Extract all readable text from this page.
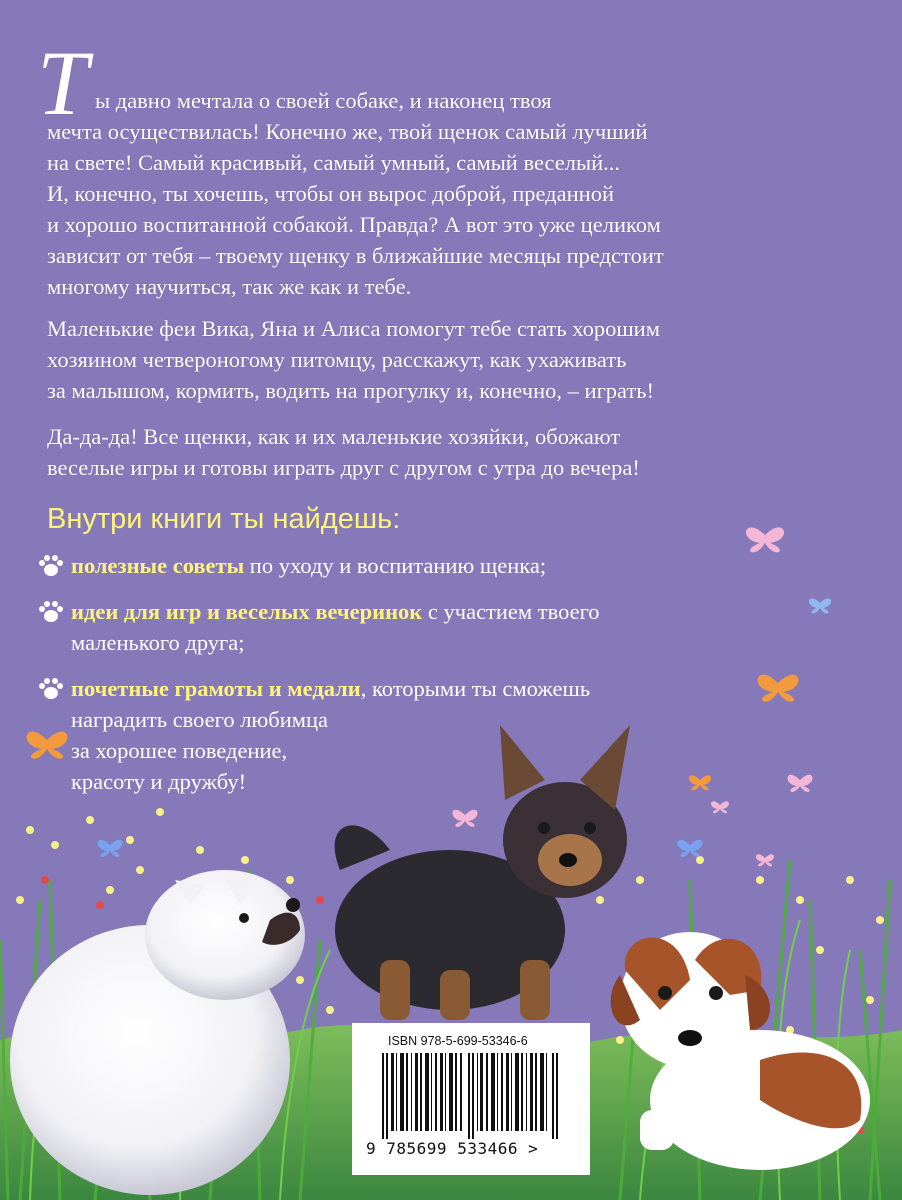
Т ы давно мечтала о своей собаке, и наконец твоя

мечта осуществилась! Конечно же, твой щенок самый лучший

на свете! Самый красивый, самый умный, самый веселый...

И, конечно, ты хочешь, чтобы он вырос доброй, преданной

и хорошо воспитанной собакой. Правда? А вот это уже целиком

зависит от тебя – твоему щенку в ближайшие месяцы предстоит

многому научиться, так же как и тебе.

Маленькие феи Вика, Яна и Алиса помогут тебе стать хорошим

хозяином четвероногому питомцу, расскажут, как ухаживать

за малышом, кормить, водить на прогулку и, конечно, – играть!

Да-да-да! Все щенки, как и их маленькие хозяйки, обожают

веселые игры и готовы играть друг с другом с утра до вечера!

Внутри книги ты найдешь:
полезные советы по уходу и воспитанию щенка;
идеи для игр и веселых вечеринок с участием твоего
маленького друга;
почетные грамоты и медали, которыми ты сможешь
наградить своего любимца
за хорошее поведение,
красоту и дружбу!
ISBN 978-5-699-53346-6
9 785699 533466 >
